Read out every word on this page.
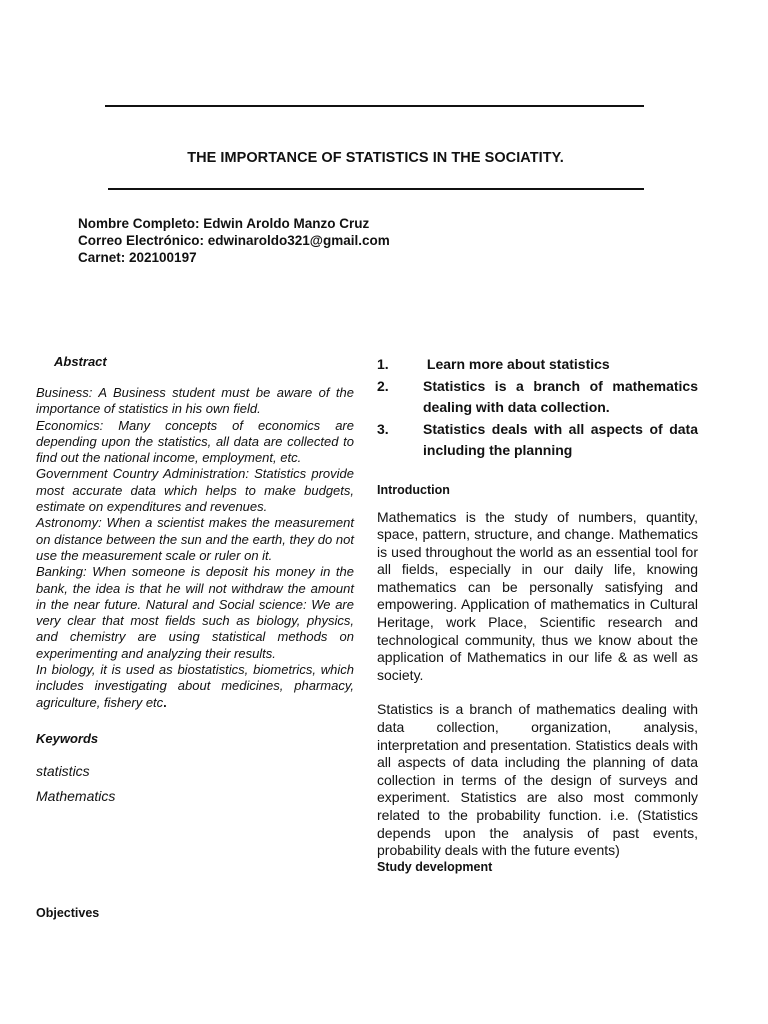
THE IMPORTANCE OF STATISTICS IN THE SOCIATITY.
Nombre Completo: Edwin Aroldo Manzo Cruz
Correo Electrónico: edwinaroldo321@gmail.com
Carnet: 202100197
Abstract

Business: A Business student must be aware of the importance of statistics in his own field.

Economics: Many concepts of economics are depending upon the statistics, all data are collected to find out the national income, employment, etc.

Government Country Administration: Statistics provide most accurate data which helps to make budgets, estimate on expenditures and revenues.

Astronomy: When a scientist makes the measurement on distance between the sun and the earth, they do not use the measurement scale or ruler on it.

Banking: When someone is deposit his money in the bank, the idea is that he will not withdraw the amount in the near future. Natural and Social science: We are very clear that most fields such as biology, physics, and chemistry are using statistical methods on experimenting and analyzing their results.

In biology, it is used as biostatistics, biometrics, which includes investigating about medicines, pharmacy, agriculture, fishery etc.

Keywords
statistics
Mathematics
Objectives
1. Learn more about statistics
2. Statistics is a branch of mathematics dealing with data collection.
3. Statistics deals with all aspects of data including the planning
Introduction

Mathematics is the study of numbers, quantity, space, pattern, structure, and change. Mathematics is used throughout the world as an essential tool for all fields, especially in our daily life, knowing mathematics can be personally satisfying and empowering. Application of mathematics in Cultural Heritage, work Place, Scientific research and technological community, thus we know about the application of Mathematics in our life & as well as society.

Statistics is a branch of mathematics dealing with data collection, organization, analysis, interpretation and presentation. Statistics deals with all aspects of data including the planning of data collection in terms of the design of surveys and experiment. Statistics are also most commonly related to the probability function. i.e. (Statistics depends upon the analysis of past events, probability deals with the future events)

Study development
